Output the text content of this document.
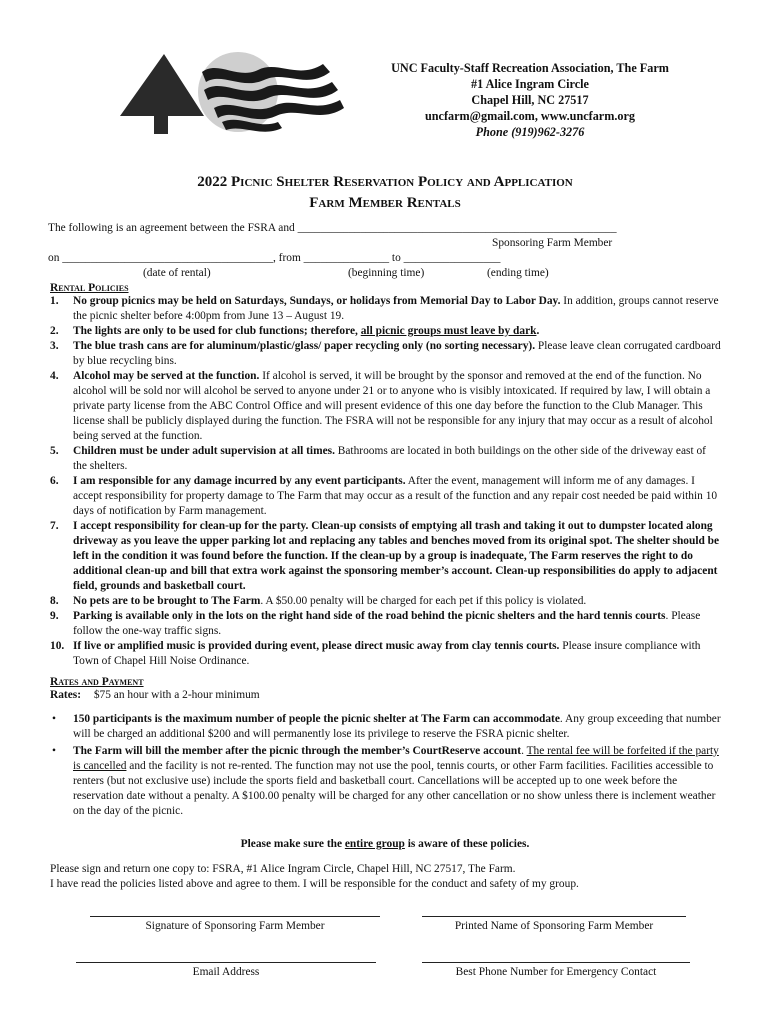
UNC Faculty-Staff Recreation Association, The Farm
#1 Alice Ingram Circle
Chapel Hill, NC 27517
uncfarm@gmail.com, www.uncfarm.org
Phone (919)962-3276
2022 Picnic Shelter Reservation Policy and Application
Farm Member Rentals
The following is an agreement between the FSRA and ________________________________________________________
Sponsoring Farm Member
on _____________________________________, from _______________ to _________________
(date of rental)	(beginning time)	(ending time)
Rental Policies
1. No group picnics may be held on Saturdays, Sundays, or holidays from Memorial Day to Labor Day. In addition, groups cannot reserve the picnic shelter before 4:00pm from June 13 – August 19.
2. The lights are only to be used for club functions; therefore, all picnic groups must leave by dark.
3. The blue trash cans are for aluminum/plastic/glass/ paper recycling only (no sorting necessary). Please leave clean corrugated cardboard by blue recycling bins.
4. Alcohol may be served at the function. If alcohol is served, it will be brought by the sponsor and removed at the end of the function. No alcohol will be sold nor will alcohol be served to anyone under 21 or to anyone who is visibly intoxicated. If required by law, I will obtain a private party license from the ABC Control Office and will present evidence of this one day before the function to the Club Manager. This license shall be publicly displayed during the function. The FSRA will not be responsible for any injury that may occur as a result of alcohol being served at the function.
5. Children must be under adult supervision at all times. Bathrooms are located in both buildings on the other side of the driveway east of the shelters.
6. I am responsible for any damage incurred by any event participants. After the event, management will inform me of any damages. I accept responsibility for property damage to The Farm that may occur as a result of the function and any repair cost needed be paid within 10 days of notification by Farm management.
7. I accept responsibility for clean-up for the party. Clean-up consists of emptying all trash and taking it out to dumpster located along driveway as you leave the upper parking lot and replacing any tables and benches moved from its original spot. The shelter should be left in the condition it was found before the function. If the clean-up by a group is inadequate, The Farm reserves the right to do additional clean-up and bill that extra work against the sponsoring member’s account. Clean-up responsibilities do apply to adjacent field, grounds and basketball court.
8. No pets are to be brought to The Farm. A $50.00 penalty will be charged for each pet if this policy is violated.
9. Parking is available only in the lots on the right hand side of the road behind the picnic shelters and the hard tennis courts. Please follow the one-way traffic signs.
10. If live or amplified music is provided during event, please direct music away from clay tennis courts. Please insure compliance with Town of Chapel Hill Noise Ordinance.
Rates and Payment
Rates: $75 an hour with a 2-hour minimum
• 150 participants is the maximum number of people the picnic shelter at The Farm can accommodate. Any group exceeding that number will be charged an additional $200 and will permanently lose its privilege to reserve the FSRA picnic shelter.
• The Farm will bill the member after the picnic through the member’s CourtReserve account. The rental fee will be forfeited if the party is cancelled and the facility is not re-rented. The function may not use the pool, tennis courts, or other Farm facilities. Facilities accessible to renters (but not exclusive use) include the sports field and basketball court. Cancellations will be accepted up to one week before the reservation date without a penalty. A $100.00 penalty will be charged for any other cancellation or no show unless there is inclement weather on the day of the picnic.
Please make sure the entire group is aware of these policies.
Please sign and return one copy to: FSRA, #1 Alice Ingram Circle, Chapel Hill, NC 27517, The Farm.
I have read the policies listed above and agree to them. I will be responsible for the conduct and safety of my group.
Signature of Sponsoring Farm Member	Printed Name of Sponsoring Farm Member
Email Address	Best Phone Number for Emergency Contact
